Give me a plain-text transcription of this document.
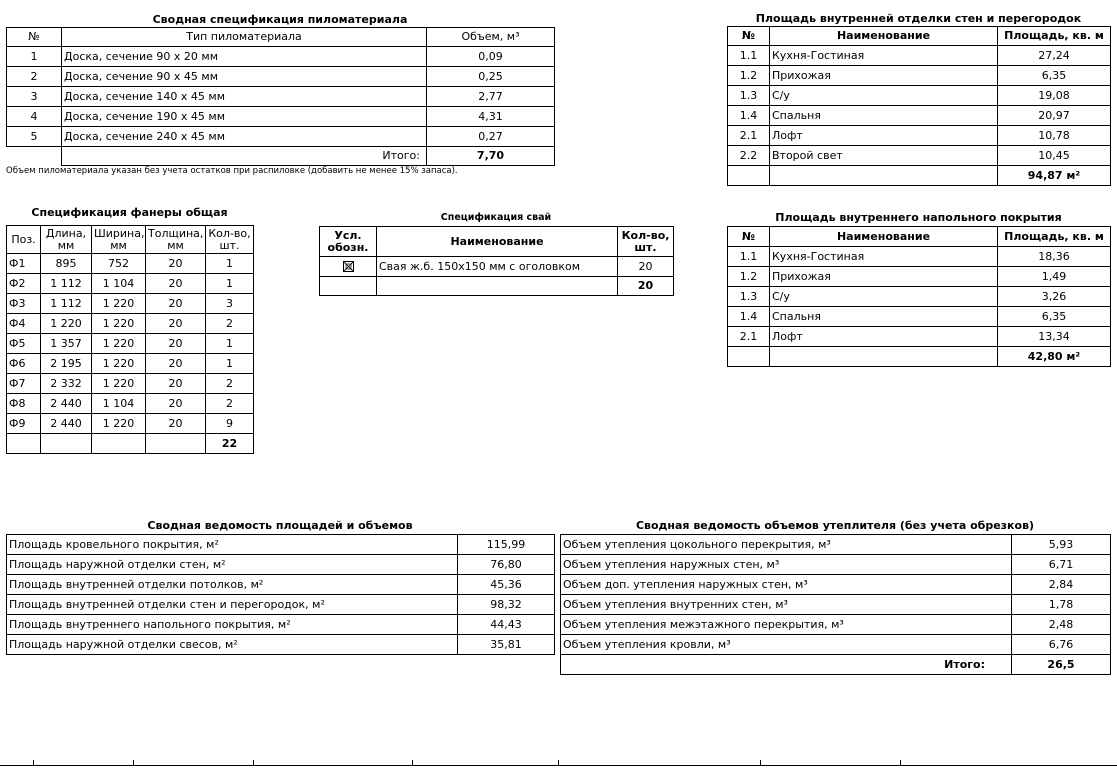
Сводная спецификация пиломатериала
№	Тип пиломатериала	Объем, м³
1	Доска, сечение 90 х 20 мм	0,09
2	Доска, сечение 90 х 45 мм	0,25
3	Доска, сечение 140 х 45 мм	2,77
4	Доска, сечение 190 х 45 мм	4,31
5	Доска, сечение 240 х 45 мм	0,27
	Итого:	7,70
Объем пиломатериала указан без учета остатков при распиловке (добавить не менее 15% запаса).
Площадь внутренней отделки стен и перегородок
№	Наименование	Площадь, кв. м
1.1	Кухня-Гостиная	27,24
1.2	Прихожая	6,35
1.3	С/у	19,08
1.4	Спальня	20,97
2.1	Лофт	10,78
2.2	Второй свет	10,45
		94,87 м²
Спецификация фанеры общая
Поз.	Длина, мм	Ширина, мм	Толщина, мм	Кол-во, шт.
Ф1	895	752	20	1
Ф2	1 112	1 104	20	1
Ф3	1 112	1 220	20	3
Ф4	1 220	1 220	20	2
Ф5	1 357	1 220	20	1
Ф6	2 195	1 220	20	1
Ф7	2 332	1 220	20	2
Ф8	2 440	1 104	20	2
Ф9	2 440	1 220	20	9
				22
Спецификация свай
Усл. обозн.	Наименование	Кол-во, шт.

	Свая ж.б. 150х150 мм с оголовком	20
		20
Площадь внутреннего напольного покрытия
№	Наименование	Площадь, кв. м
1.1	Кухня-Гостиная	18,36
1.2	Прихожая	1,49
1.3	С/у	3,26
1.4	Спальня	6,35
2.1	Лофт	13,34
		42,80 м²
Сводная ведомость площадей и объемов
Площадь кровельного покрытия, м²	115,99
Площадь наружной отделки стен, м²	76,80
Площадь внутренней отделки потолков, м²	45,36
Площадь внутренней отделки стен и перегородок, м²	98,32
Площадь внутреннего напольного покрытия, м²	44,43
Площадь наружной отделки свесов, м²	35,81
Сводная ведомость объемов утеплителя (без учета обрезков)
Объем утепления цокольного перекрытия, м³	5,93
Объем утепления наружных стен, м³	6,71
Объем доп. утепления наружных стен, м³	2,84
Объем утепления внутренних стен, м³	1,78
Объем утепления межэтажного перекрытия, м³	2,48
Объем утепления кровли, м³	6,76
Итого:	26,5
